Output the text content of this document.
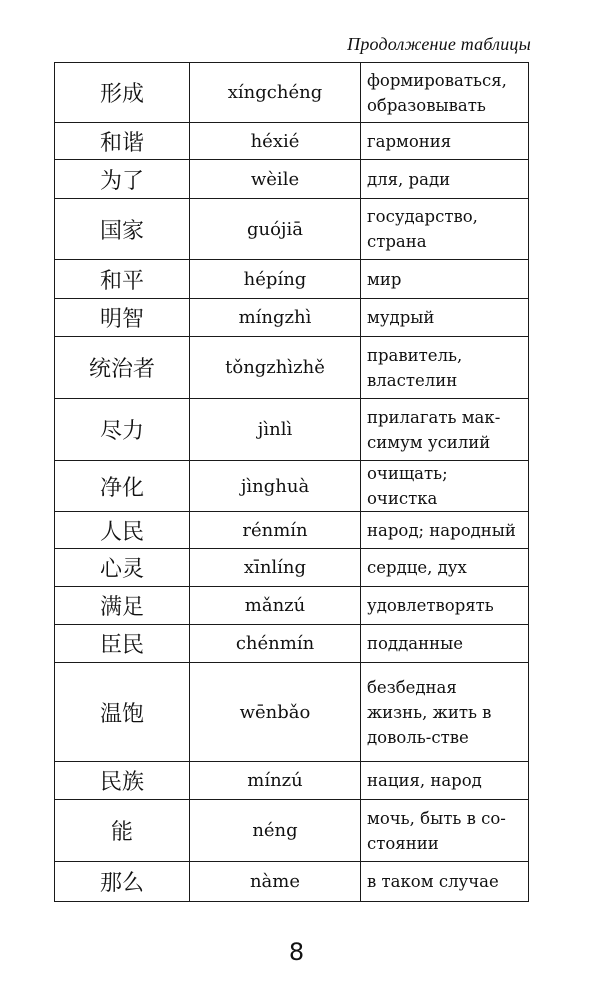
Продолжение таблицы
形成	xíngchéng	формироваться, образовывать
和谐	héxié	гармония
为了	wèile	для, ради
国家	guójiā	государство, страна
和平	hépíng	мир
明智	míngzhì	мудрый
统治者	tǒngzhìzhě	правитель, властелин
尽力	jìnlì	прилагать мак-симум усилий
净化	jìnghuà	очищать; очистка
人民	rénmín	народ; народный
心灵	xīnlíng	сердце, дух
满足	mǎnzú	удовлетворять
臣民	chénmín	подданные
温饱	wēnbǎo	безбедная жизнь, жить в доволь-стве
民族	mínzú	нация, народ
能	néng	мочь, быть в со-стоянии
那么	nàme	в таком случае
8
